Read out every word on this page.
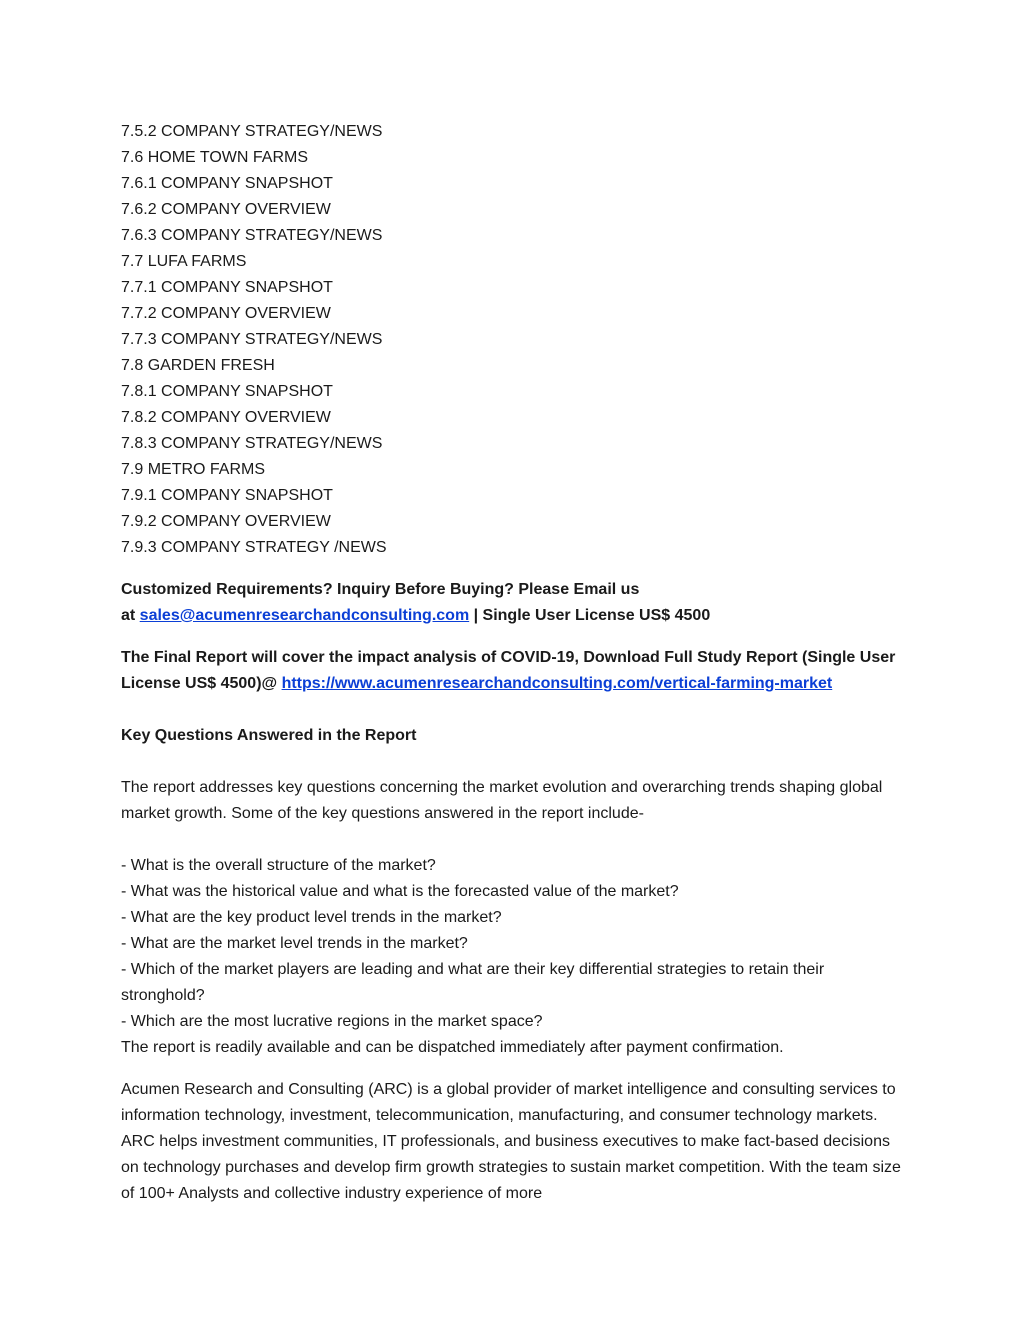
7.5.2 COMPANY STRATEGY/NEWS
7.6 HOME TOWN FARMS
7.6.1 COMPANY SNAPSHOT
7.6.2 COMPANY OVERVIEW
7.6.3 COMPANY STRATEGY/NEWS
7.7 LUFA FARMS
7.7.1 COMPANY SNAPSHOT
7.7.2 COMPANY OVERVIEW
7.7.3 COMPANY STRATEGY/NEWS
7.8 GARDEN FRESH
7.8.1 COMPANY SNAPSHOT
7.8.2 COMPANY OVERVIEW
7.8.3 COMPANY STRATEGY/NEWS
7.9 METRO FARMS
7.9.1 COMPANY SNAPSHOT
7.9.2 COMPANY OVERVIEW
7.9.3 COMPANY STRATEGY /NEWS

Customized Requirements? Inquiry Before Buying? Please Email us
at sales@acumenresearchandconsulting.com | Single User License US$ 4500

The Final Report will cover the impact analysis of COVID-19, Download Full Study Report (Single User License US$ 4500)@ https://www.acumenresearchandconsulting.com/vertical-farming-market

Key Questions Answered in the Report

The report addresses key questions concerning the market evolution and overarching trends shaping global market growth. Some of the key questions answered in the report include-

- What is the overall structure of the market?
- What was the historical value and what is the forecasted value of the market?
- What are the key product level trends in the market?
- What are the market level trends in the market?
- Which of the market players are leading and what are their key differential strategies to retain their stronghold?
- Which are the most lucrative regions in the market space?

The report is readily available and can be dispatched immediately after payment confirmation.

Acumen Research and Consulting (ARC) is a global provider of market intelligence and consulting services to information technology, investment, telecommunication, manufacturing, and consumer technology markets. ARC helps investment communities, IT professionals, and business executives to make fact-based decisions on technology purchases and develop firm growth strategies to sustain market competition. With the team size of 100+ Analysts and collective industry experience of more
